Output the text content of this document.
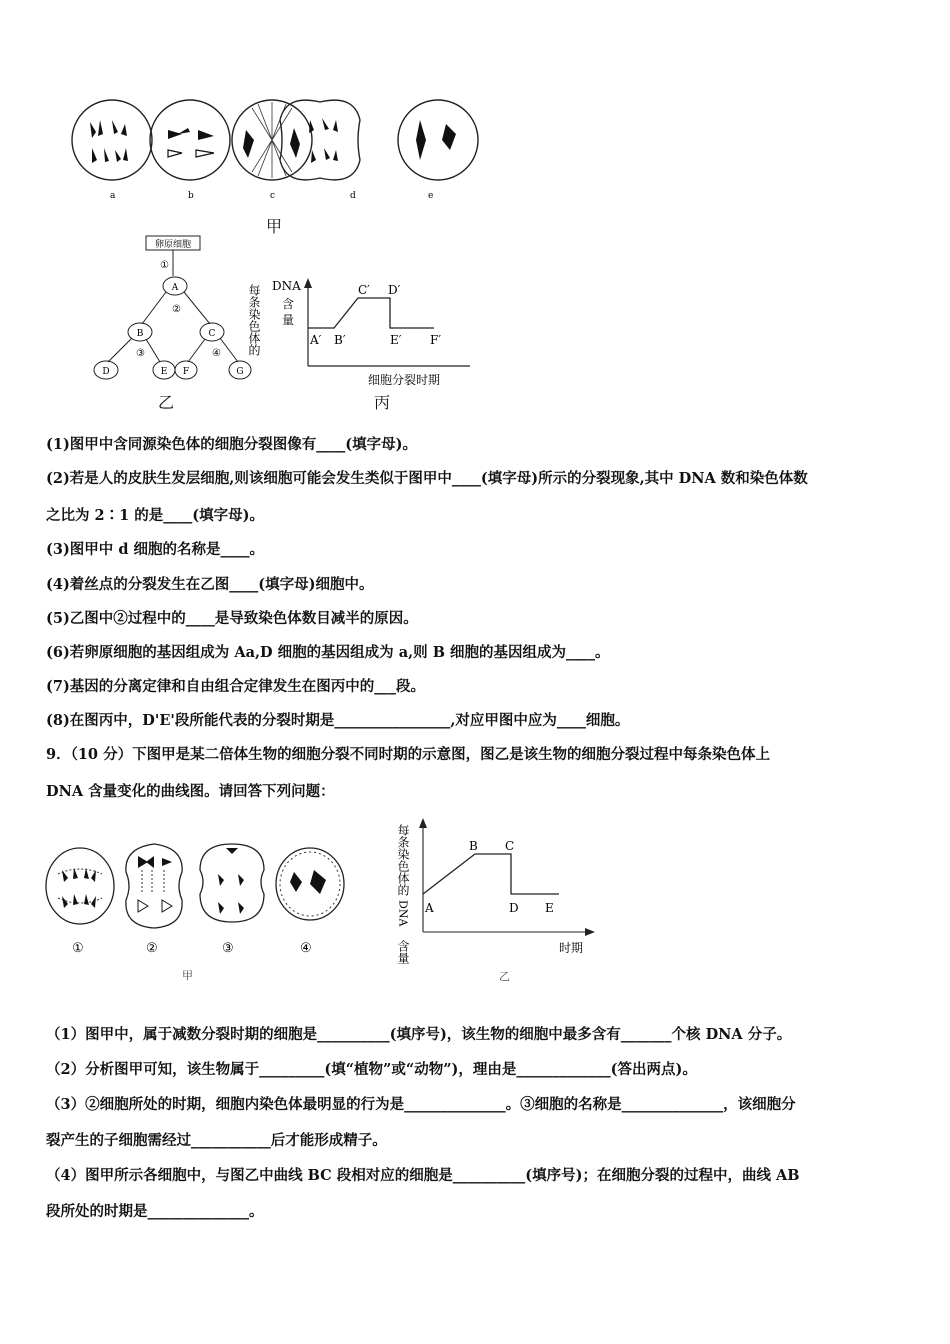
a	b	c	d	e
甲
卵原细胞
①
A
②
B	C
③	④
D	E F	G
乙
每条染色体的 DNA
含
量
A′ B′
C′ D′
E′ F′
细胞分裂时期
丙
(1)图甲中含同源染色体的细胞分裂图像有____(填字母)。
(2)若是人的皮肤生发层细胞,则该细胞可能会发生类似于图甲中____(填字母)所示的分裂现象,其中 DNA 数和染色体数
之比为 2∶1 的是____(填字母)。
(3)图甲中 d 细胞的名称是____。
(4)着丝点的分裂发生在乙图____(填字母)细胞中。
(5)乙图中②过程中的____是导致染色体数目减半的原因。
(6)若卵原细胞的基因组成为 Aa,D 细胞的基因组成为 a,则 B 细胞的基因组成为____。
(7)基因的分离定律和自由组合定律发生在图丙中的___段。
(8)在图丙中，D'E'段所能代表的分裂时期是________________,对应甲图中应为____细胞。
9．（10 分）下图甲是某二倍体生物的细胞分裂不同时期的示意图，图乙是该生物的细胞分裂过程中每条染色体上
DNA 含量变化的曲线图。请回答下列问题：
①	②	③	④
甲
每条染色体的
DNA
含量
A
B C
D E
时期
乙
（1）图甲中，属于减数分裂时期的细胞是__________(填序号)，该生物的细胞中最多含有_______个核 DNA 分子。
（2）分析图甲可知，该生物属于_________(填“植物”或“动物”)，理由是_____________(答出两点)。
（3）②细胞所处的时期，细胞内染色体最明显的行为是______________。③细胞的名称是______________，该细胞分
裂产生的子细胞需经过___________后才能形成精子。
（4）图甲所示各细胞中，与图乙中曲线 BC 段相对应的细胞是__________(填序号)；在细胞分裂的过程中，曲线 AB
段所处的时期是______________。
